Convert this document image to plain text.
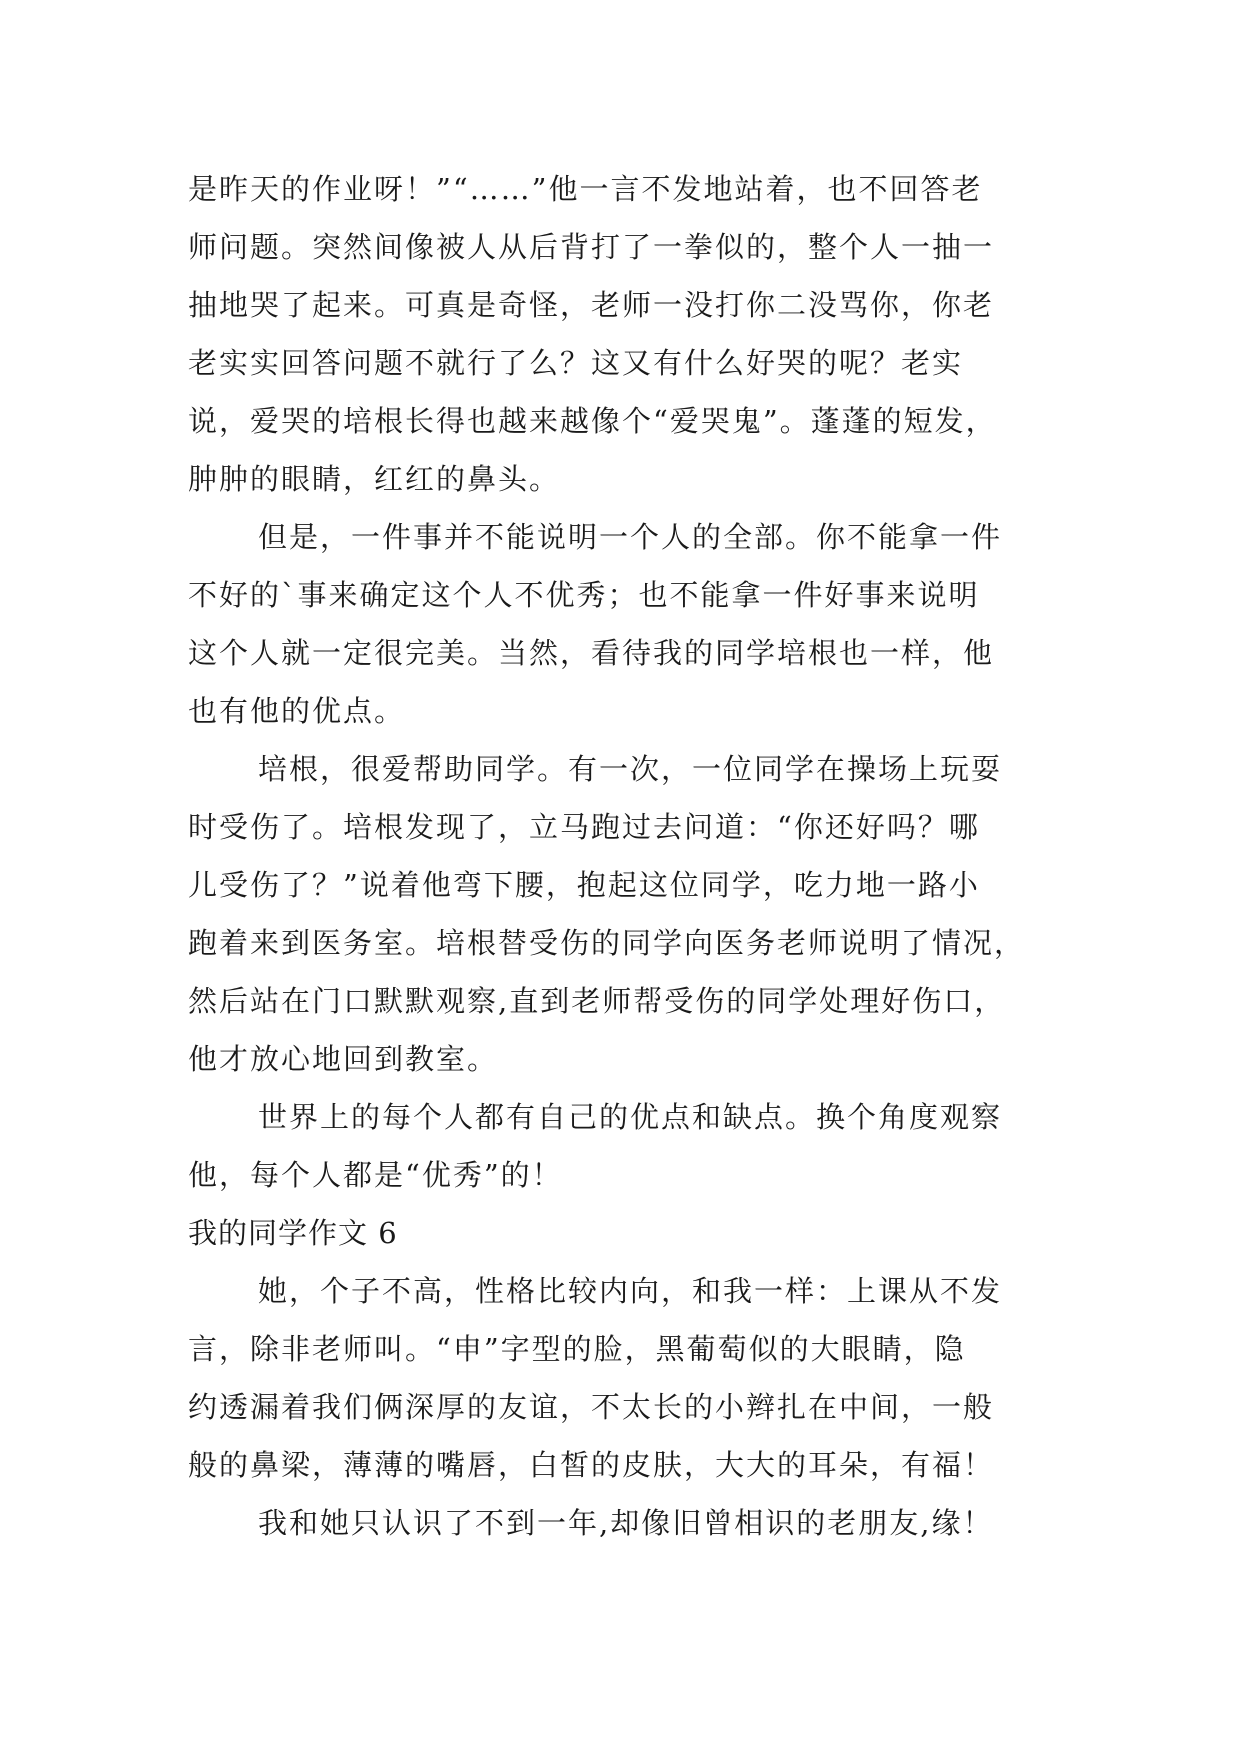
是昨天的作业呀！”“……”他一言不发地站着，也不回答老
师问题。突然间像被人从后背打了一拳似的，整个人一抽一
抽地哭了起来。可真是奇怪，老师一没打你二没骂你，你老
老实实回答问题不就行了么？这又有什么好哭的呢？老实
说，爱哭的培根长得也越来越像个“爱哭鬼”。蓬蓬的短发，
肿肿的眼睛，红红的鼻头。
但是，一件事并不能说明一个人的全部。你不能拿一件
不好的`事来确定这个人不优秀；也不能拿一件好事来说明
这个人就一定很完美。当然，看待我的同学培根也一样，他
也有他的优点。
培根，很爱帮助同学。有一次，一位同学在操场上玩耍
时受伤了。培根发现了，立马跑过去问道：“你还好吗？哪
儿受伤了？”说着他弯下腰，抱起这位同学，吃力地一路小
跑着来到医务室。培根替受伤的同学向医务老师说明了情况，
然后站在门口默默观察,直到老师帮受伤的同学处理好伤口，
他才放心地回到教室。
世界上的每个人都有自己的优点和缺点。换个角度观察
他，每个人都是“优秀”的！
我的同学作文 6
她，个子不高，性格比较内向，和我一样：上课从不发
言，除非老师叫。“申”字型的脸，黑葡萄似的大眼睛，隐
约透漏着我们俩深厚的友谊，不太长的小辫扎在中间，一般
般的鼻梁，薄薄的嘴唇，白皙的皮肤，大大的耳朵，有福！
我和她只认识了不到一年,却像旧曾相识的老朋友,缘！
